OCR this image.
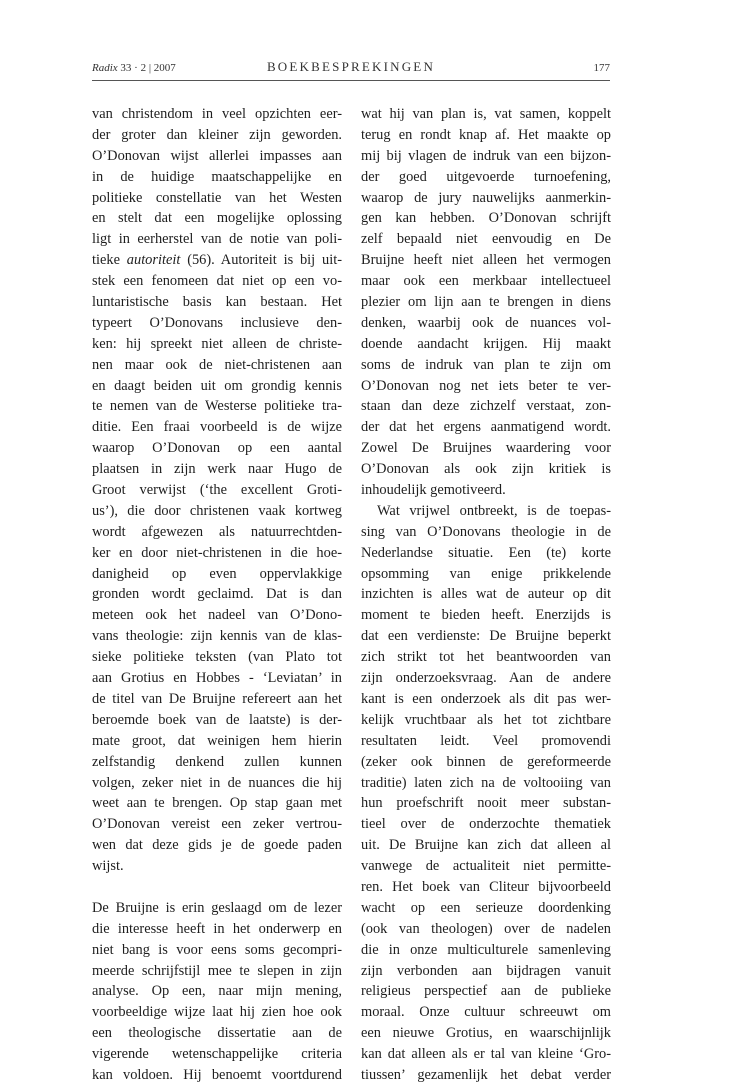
Radix 33 · 2 | 2007	BOEKBESPREKINGEN	177
van christendom in veel opzichten eer-
der groter dan kleiner zijn geworden.
O’Donovan wijst allerlei impasses aan
in de huidige maatschappelijke en
politieke constellatie van het Westen
en stelt dat een mogelijke oplossing
ligt in eerherstel van de notie van poli-
tieke autoriteit (56). Autoriteit is bij uit-
stek een fenomeen dat niet op een vo-
luntaristische basis kan bestaan. Het
typeert O’Donovans inclusieve den-
ken: hij spreekt niet alleen de christe-
nen maar ook de niet-christenen aan
en daagt beiden uit om grondig kennis
te nemen van de Westerse politieke tra-
ditie. Een fraai voorbeeld is de wijze
waarop O’Donovan op een aantal
plaatsen in zijn werk naar Hugo de
Groot verwijst (‘the excellent Groti-
us’), die door christenen vaak kortweg
wordt afgewezen als natuurrechtden-
ker en door niet-christenen in die hoe-
danigheid op even oppervlakkige
gronden wordt geclaimd. Dat is dan
meteen ook het nadeel van O’Dono-
vans theologie: zijn kennis van de klas-
sieke politieke teksten (van Plato tot
aan Grotius en Hobbes - ‘Leviatan’ in
de titel van De Bruijne refereert aan het
beroemde boek van de laatste) is der-
mate groot, dat weinigen hem hierin
zelfstandig denkend zullen kunnen
volgen, zeker niet in de nuances die hij
weet aan te brengen. Op stap gaan met
O’Donovan vereist een zeker vertrou-
wen dat deze gids je de goede paden
wijst.
De Bruijne is erin geslaagd om de lezer
die interesse heeft in het onderwerp en
niet bang is voor eens soms gecompri-
meerde schrijfstijl mee te slepen in zijn
analyse. Op een, naar mijn mening,
voorbeeldige wijze laat hij zien hoe ook
een theologische dissertatie aan de
vigerende wetenschappelijke criteria
kan voldoen. Hij benoemt voortdurend
wat hij van plan is, vat samen, koppelt
terug en rondt knap af. Het maakte op
mij bij vlagen de indruk van een bijzon-
der goed uitgevoerde turnoefening,
waarop de jury nauwelijks aanmerkin-
gen kan hebben. O’Donovan schrijft
zelf bepaald niet eenvoudig en De
Bruijne heeft niet alleen het vermogen
maar ook een merkbaar intellectueel
plezier om lijn aan te brengen in diens
denken, waarbij ook de nuances vol-
doende aandacht krijgen. Hij maakt
soms de indruk van plan te zijn om
O’Donovan nog net iets beter te ver-
staan dan deze zichzelf verstaat, zon-
der dat het ergens aanmatigend wordt.
Zowel De Bruijnes waardering voor
O’Donovan als ook zijn kritiek is
inhoudelijk gemotiveerd.
Wat vrijwel ontbreekt, is de toepas-
sing van O’Donovans theologie in de
Nederlandse situatie. Een (te) korte
opsomming van enige prikkelende
inzichten is alles wat de auteur op dit
moment te bieden heeft. Enerzijds is
dat een verdienste: De Bruijne beperkt
zich strikt tot het beantwoorden van
zijn onderzoeksvraag. Aan de andere
kant is een onderzoek als dit pas wer-
kelijk vruchtbaar als het tot zichtbare
resultaten leidt. Veel promovendi
(zeker ook binnen de gereformeerde
traditie) laten zich na de voltooiing van
hun proefschrift nooit meer substan-
tieel over de onderzochte thematiek
uit. De Bruijne kan zich dat alleen al
vanwege de actualiteit niet permitte-
ren. Het boek van Cliteur bijvoorbeeld
wacht op een serieuze doordenking
(ook van theologen) over de nadelen
die in onze multiculturele samenleving
zijn verbonden aan bijdragen vanuit
religieus perspectief aan de publieke
moraal. Onze cultuur schreeuwt om
een nieuwe Grotius, en waarschijnlijk
kan dat alleen als er tal van kleine ‘Gro-
tiussen’ gezamenlijk het debat verder
